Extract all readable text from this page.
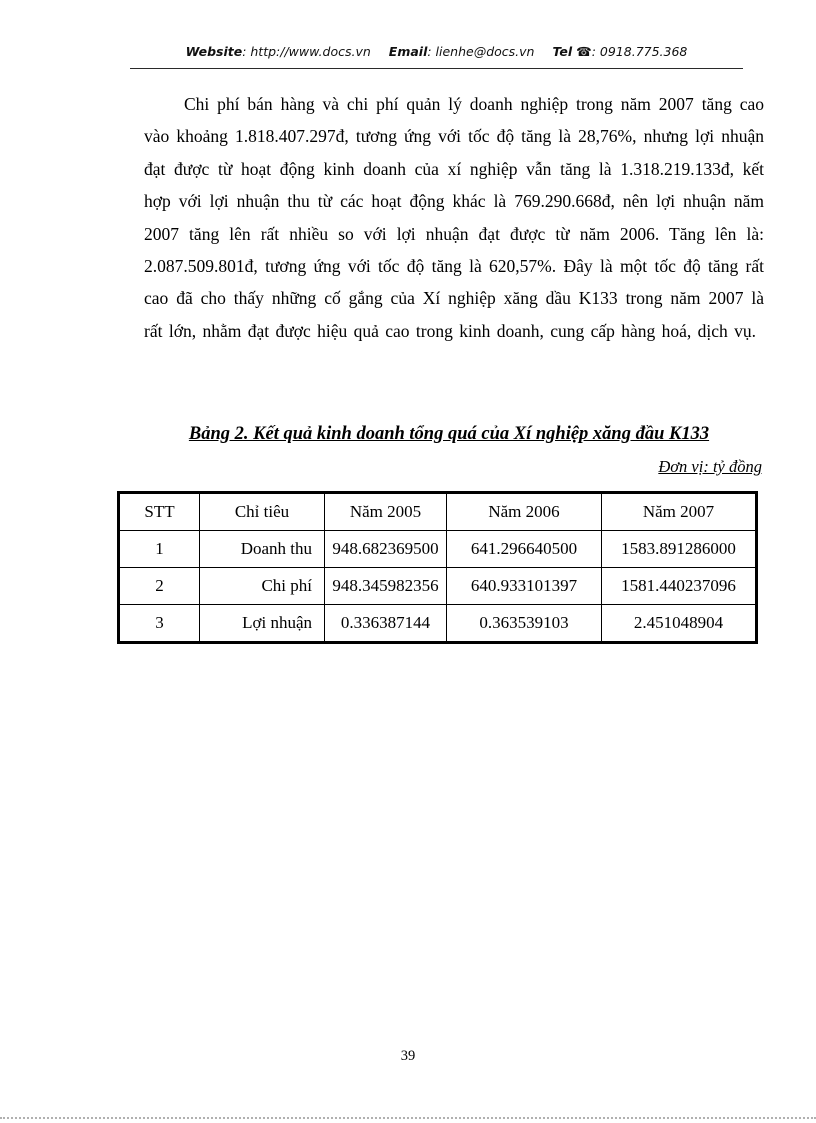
Website: http://www.docs.vn Email: lienhe@docs.vn Tel ☎: 0918.775.368
Chi phí bán hàng và chi phí quản lý doanh nghiệp trong năm 2007 tăng cao vào khoảng 1.818.407.297đ, tương ứng với tốc độ tăng là 28,76%, nhưng lợi nhuận đạt được từ hoạt động kinh doanh của xí nghiệp vẫn tăng là 1.318.219.133đ, kết hợp với lợi nhuận thu từ các hoạt động khác là 769.290.668đ, nên lợi nhuận năm 2007 tăng lên rất nhiều so với lợi nhuận đạt được từ năm 2006. Tăng lên là: 2.087.509.801đ, tương ứng với tốc độ tăng là 620,57%. Đây là một tốc độ tăng rất cao đã cho thấy những cố gắng của Xí nghiệp xăng dầu K133 trong năm 2007 là rất lớn, nhằm đạt được hiệu quả cao trong kinh doanh, cung cấp hàng hoá, dịch vụ.
Bảng 2. Kết quả kinh doanh tổng quá của Xí nghiệp xăng đầu K133
Đơn vị: tỷ đồng
STT	Chỉ tiêu	Năm 2005	Năm 2006	Năm 2007
1	Doanh thu	948.682369500	641.296640500	1583.891286000
2	Chi phí	948.345982356	640.933101397	1581.440237096
3	Lợi nhuận	0.336387144	0.363539103	2.451048904
39
